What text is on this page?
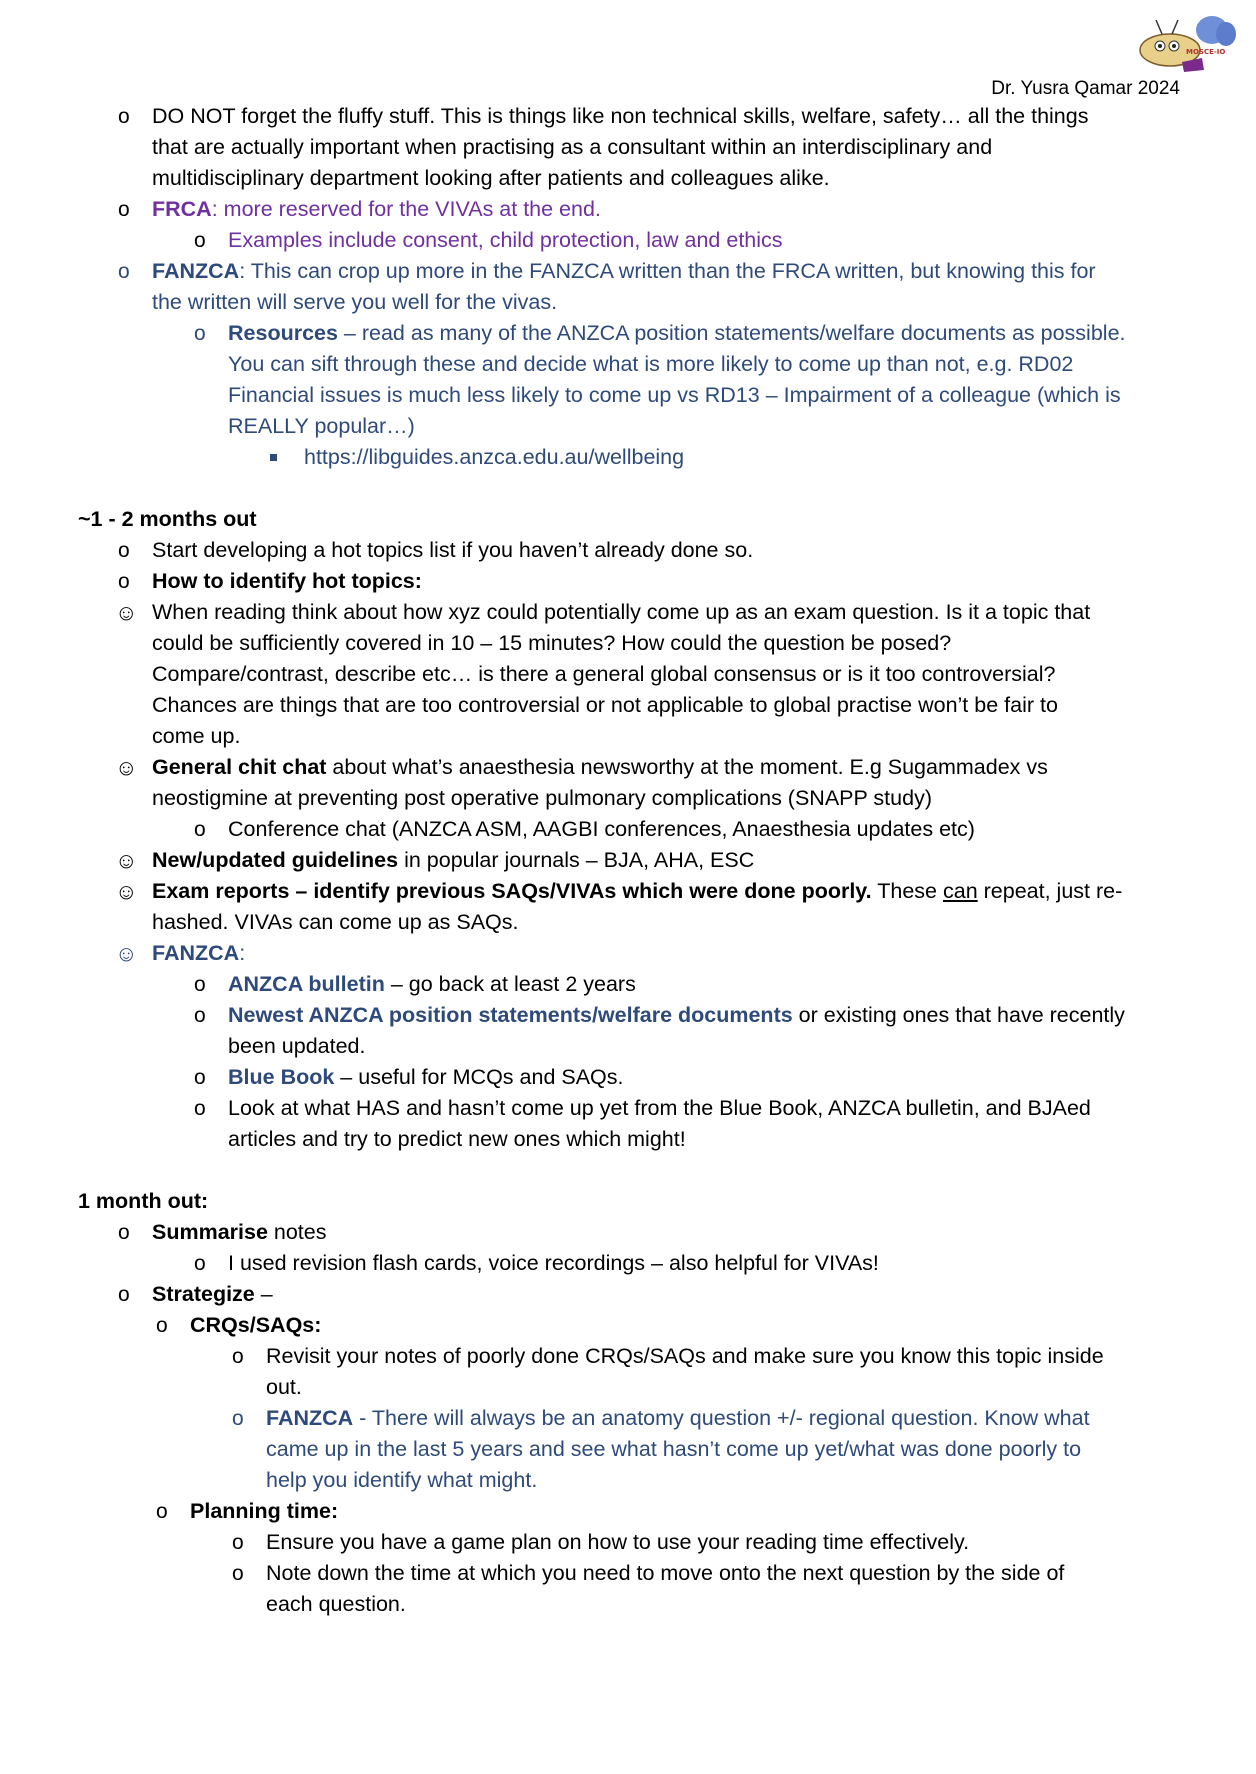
MOSCE-IO
Dr. Yusra Qamar 2024
o DO NOT forget the fluffy stuff. This is things like non technical skills, welfare, safety… all the things
that are actually important when practising as a consultant within an interdisciplinary and
multidisciplinary department looking after patients and colleagues alike.
o FRCA: more reserved for the VIVAs at the end.
o Examples include consent, child protection, law and ethics
o FANZCA: This can crop up more in the FANZCA written than the FRCA written, but knowing this for
the written will serve you well for the vivas.
o Resources – read as many of the ANZCA position statements/welfare documents as possible.
You can sift through these and decide what is more likely to come up than not, e.g. RD02
Financial issues is much less likely to come up vs RD13 – Impairment of a colleague (which is
REALLY popular…)
https://libguides.anzca.edu.au/wellbeing
~1 - 2 months out
o Start developing a hot topics list if you haven’t already done so.
o How to identify hot topics:
☺ When reading think about how xyz could potentially come up as an exam question. Is it a topic that
could be sufficiently covered in 10 – 15 minutes? How could the question be posed?
Compare/contrast, describe etc… is there a general global consensus or is it too controversial?
Chances are things that are too controversial or not applicable to global practise won’t be fair to
come up.
☺ General chit chat about what’s anaesthesia newsworthy at the moment. E.g Sugammadex vs
neostigmine at preventing post operative pulmonary complications (SNAPP study)
o Conference chat (ANZCA ASM, AAGBI conferences, Anaesthesia updates etc)
☺ New/updated guidelines in popular journals – BJA, AHA, ESC
☺ Exam reports – identify previous SAQs/VIVAs which were done poorly. These can repeat, just re-
hashed. VIVAs can come up as SAQs.
☺ FANZCA:
o ANZCA bulletin – go back at least 2 years
o Newest ANZCA position statements/welfare documents or existing ones that have recently
been updated.
o Blue Book – useful for MCQs and SAQs.
o Look at what HAS and hasn’t come up yet from the Blue Book, ANZCA bulletin, and BJAed
articles and try to predict new ones which might!
1 month out:
o Summarise notes
o I used revision flash cards, voice recordings – also helpful for VIVAs!
o Strategize –
o CRQs/SAQs:
o Revisit your notes of poorly done CRQs/SAQs and make sure you know this topic inside
out.
o FANZCA - There will always be an anatomy question +/- regional question. Know what
came up in the last 5 years and see what hasn’t come up yet/what was done poorly to
help you identify what might.
o Planning time:
o Ensure you have a game plan on how to use your reading time effectively.
o Note down the time at which you need to move onto the next question by the side of
each question.
